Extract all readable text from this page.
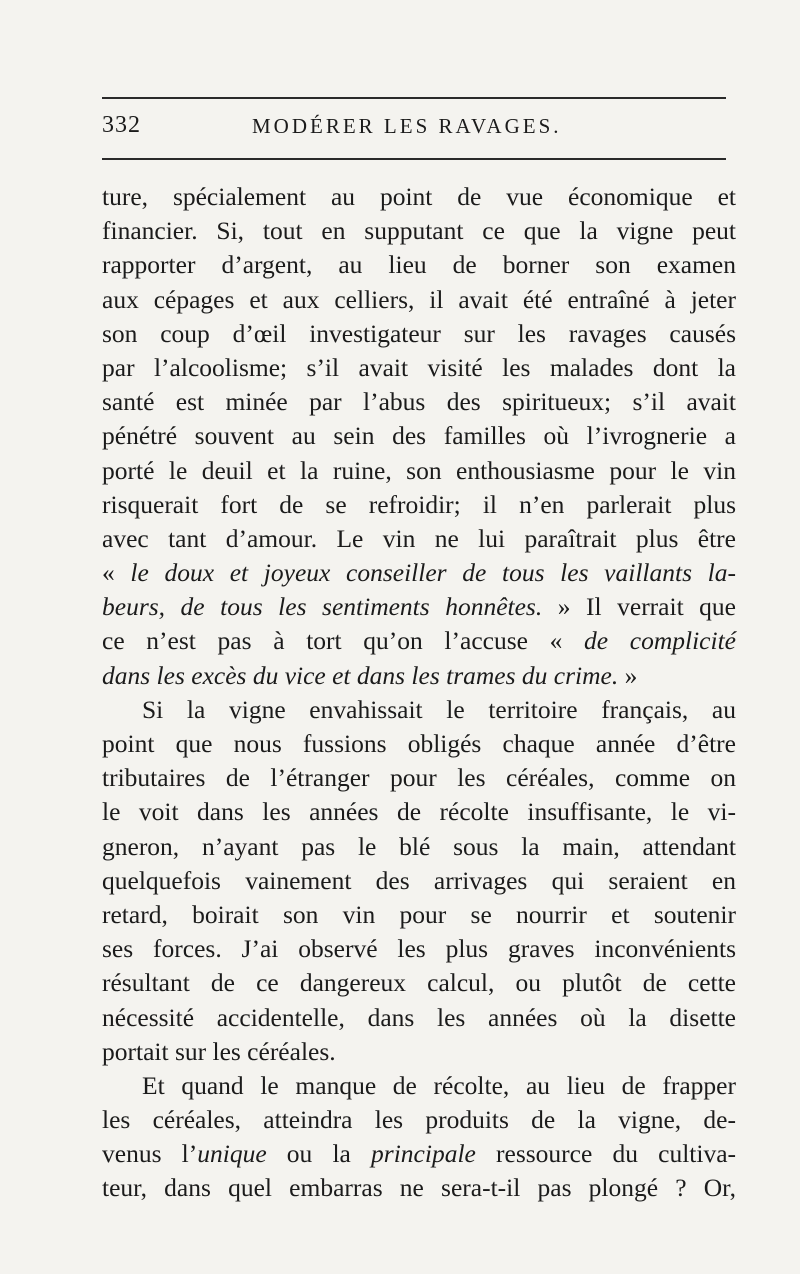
332	MODÉRER LES RAVAGES.
ture, spécialement au point de vue économique et
financier. Si, tout en supputant ce que la vigne peut
rapporter d’argent, au lieu de borner son examen
aux cépages et aux celliers, il avait été entraîné à jeter
son coup d’œil investigateur sur les ravages causés
par l’alcoolisme; s’il avait visité les malades dont la
santé est minée par l’abus des spiritueux; s’il avait
pénétré souvent au sein des familles où l’ivrognerie a
porté le deuil et la ruine, son enthousiasme pour le vin
risquerait fort de se refroidir; il n’en parlerait plus
avec tant d’amour. Le vin ne lui paraîtrait plus être
« le doux et joyeux conseiller de tous les vaillants la-
beurs, de tous les sentiments honnêtes. » Il verrait que
ce n’est pas à tort qu’on l’accuse « de complicité
dans les excès du vice et dans les trames du crime. »
Si la vigne envahissait le territoire français, au
point que nous fussions obligés chaque année d’être
tributaires de l’étranger pour les céréales, comme on
le voit dans les années de récolte insuffisante, le vi-
gneron, n’ayant pas le blé sous la main, attendant
quelquefois vainement des arrivages qui seraient en
retard, boirait son vin pour se nourrir et soutenir
ses forces. J’ai observé les plus graves inconvénients
résultant de ce dangereux calcul, ou plutôt de cette
nécessité accidentelle, dans les années où la disette
portait sur les céréales.
Et quand le manque de récolte, au lieu de frapper
les céréales, atteindra les produits de la vigne, de-
venus l’unique ou la principale ressource du cultiva-
teur, dans quel embarras ne sera-t-il pas plongé ? Or,
